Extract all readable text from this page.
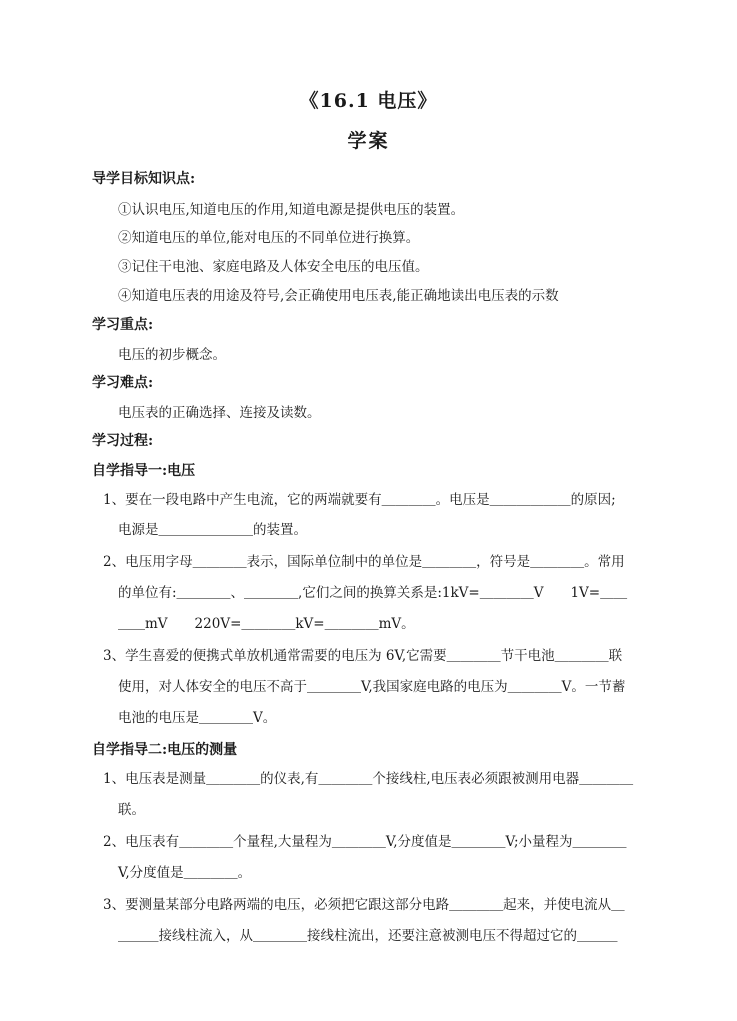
《16.1 电压》
学案
导学目标知识点:
①认识电压,知道电压的作用,知道电源是提供电压的装置。
②知道电压的单位,能对电压的不同单位进行换算。
③记住干电池、家庭电路及人体安全电压的电压值。
④知道电压表的用途及符号,会正确使用电压表,能正确地读出电压表的示数
学习重点:
电压的初步概念。
学习难点:
电压表的正确选择、连接及读数。
学习过程:
自学指导一:电压
1、要在一段电路中产生电流，它的两端就要有＿＿＿＿。电压是＿＿＿＿＿＿的原因;
电源是＿＿＿＿＿＿＿的装置。
2、电压用字母＿＿＿＿表示，国际单位制中的单位是＿＿＿＿，符号是＿＿＿＿。常用
的单位有:＿＿＿＿、＿＿＿＿,它们之间的换算关系是:1kV=＿＿＿＿V　　1V=＿＿
＿＿mV　　220V=＿＿＿＿kV=＿＿＿＿mV。
3、学生喜爱的便携式单放机通常需要的电压为 6V,它需要＿＿＿＿节干电池＿＿＿＿联
使用，对人体安全的电压不高于＿＿＿＿V,我国家庭电路的电压为＿＿＿＿V。一节蓄
电池的电压是＿＿＿＿V。
自学指导二:电压的测量
1、电压表是测量＿＿＿＿的仪表,有＿＿＿＿个接线柱,电压表必须跟被测用电器＿＿＿＿
联。
2、电压表有＿＿＿＿个量程,大量程为＿＿＿＿V,分度值是＿＿＿＿V;小量程为＿＿＿＿
V,分度值是＿＿＿＿。
3、要测量某部分电路两端的电压，必须把它跟这部分电路＿＿＿＿起来，并使电流从＿
＿＿＿接线柱流入，从＿＿＿＿接线柱流出，还要注意被测电压不得超过它的＿＿＿
